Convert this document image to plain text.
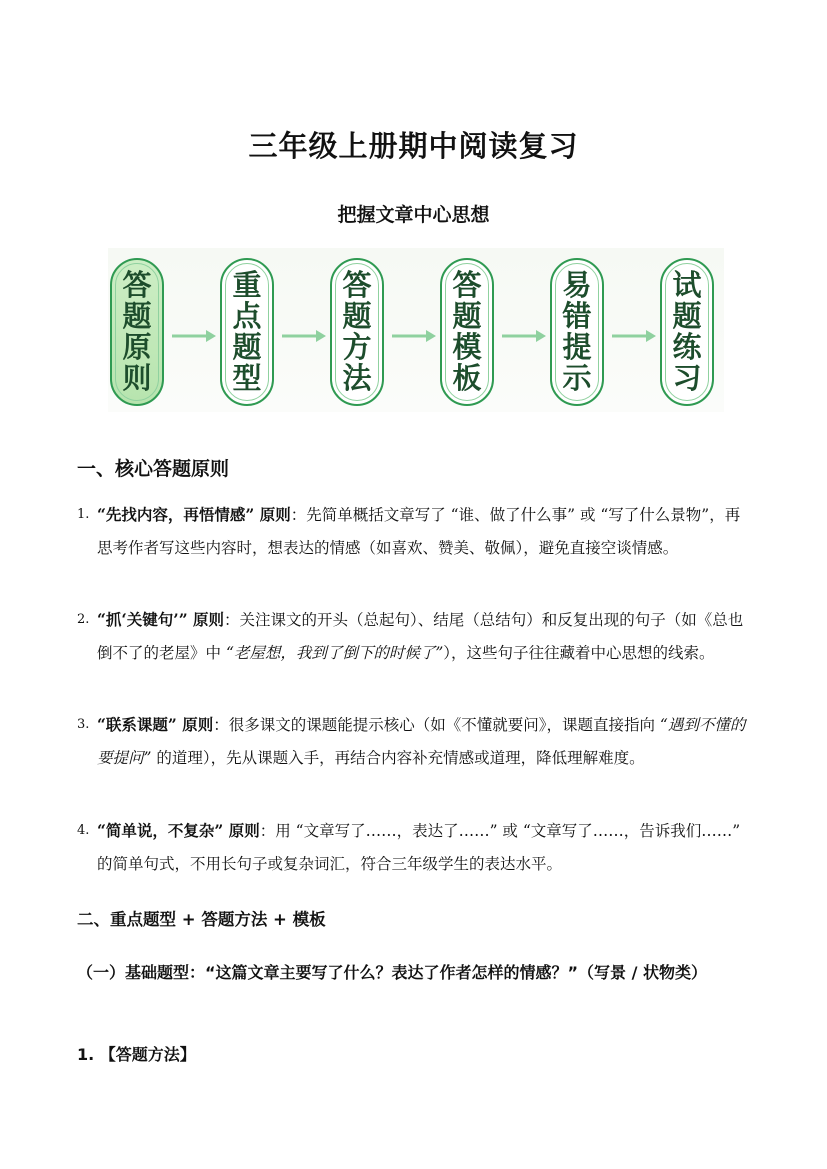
三年级上册期中阅读复习
把握文章中心思想
答题原则
重点题型
答题方法
答题模板
易错提示
试题练习
一、核心答题原则
1. “先找内容，再悟情感” 原则：先简单概括文章写了 “谁、做了什么事” 或 “写了什么景物”，再思考作者写这些内容时，想表达的情感（如喜欢、赞美、敬佩），避免直接空谈情感。
2. “抓‘关键句’” 原则：关注课文的开头（总起句）、结尾（总结句）和反复出现的句子（如《总也倒不了的老屋》中 “老屋想，我到了倒下的时候了”），这些句子往往藏着中心思想的线索。
3. “联系课题” 原则：很多课文的课题能提示核心（如《不懂就要问》，课题直接指向 “遇到不懂的要提问” 的道理），先从课题入手，再结合内容补充情感或道理，降低理解难度。
4. “简单说，不复杂” 原则：用 “文章写了……，表达了……” 或 “文章写了……，告诉我们……” 的简单句式，不用长句子或复杂词汇，符合三年级学生的表达水平。
二、重点题型 + 答题方法 + 模板
（一）基础题型：“这篇文章主要写了什么？表达了作者怎样的情感？”（写景 / 状物类）
1. 【答题方法】
